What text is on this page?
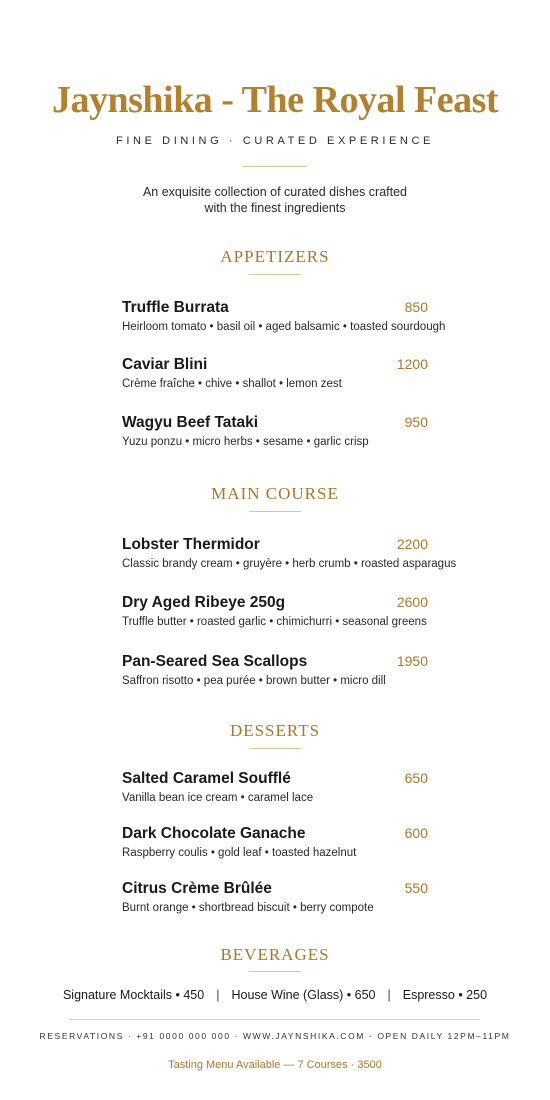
Jaynshika - The Royal Feast
FINE DINING · CURATED EXPERIENCE
An exquisite collection of curated dishes crafted
with the finest ingredients
APPETIZERS
Truffle Burrata	850
Heirloom tomato • basil oil • aged balsamic • toasted sourdough
Caviar Blini	1200
Crème fraîche • chive • shallot • lemon zest
Wagyu Beef Tataki	950
Yuzu ponzu • micro herbs • sesame • garlic crisp
MAIN COURSE
Lobster Thermidor	2200
Classic brandy cream • gruyère • herb crumb • roasted asparagus
Dry Aged Ribeye 250g	2600
Truffle butter • roasted garlic • chimichurri • seasonal greens
Pan-Seared Sea Scallops	1950
Saffron risotto • pea purée • brown butter • micro dill
DESSERTS
Salted Caramel Soufflé	650
Vanilla bean ice cream • caramel lace
Dark Chocolate Ganache	600
Raspberry coulis • gold leaf • toasted hazelnut
Citrus Crème Brûlée	550
Burnt orange • shortbread biscuit • berry compote
BEVERAGES
Signature Mocktails • 450 | House Wine (Glass) • 650 | Espresso • 250
RESERVATIONS · +91 0000 000 000 · WWW.JAYNSHIKA.COM · OPEN DAILY 12PM–11PM
Tasting Menu Available — 7 Courses · 3500
